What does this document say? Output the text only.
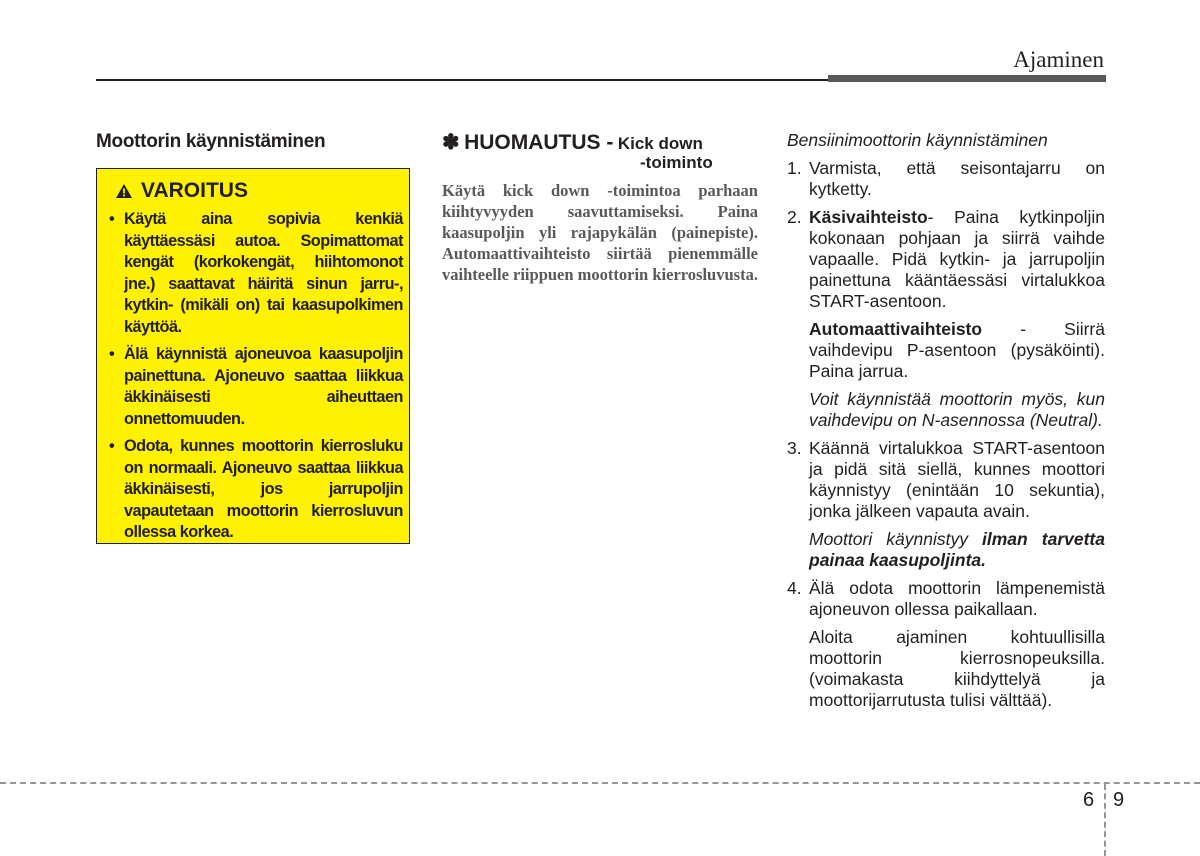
Ajaminen
Moottorin käynnistäminen
VAROITUS
• Käytä aina sopivia kenkiä käyttäessäsi autoa. Sopimattomat kengät (korkokengät, hiihtomonot jne.) saattavat häiritä sinun jarru-, kytkin- (mikäli on) tai kaasupolkimen käyttöä.
• Älä käynnistä ajoneuvoa kaasupoljin painettuna. Ajoneuvo saattaa liikkua äkkinäisesti aiheuttaen onnettomuuden.
• Odota, kunnes moottorin kierrosluku on normaali. Ajoneuvo saattaa liikkua äkkinäisesti, jos jarrupoljin vapautetaan moottorin kierrosluvun ollessa korkea.
✽ HUOMAUTUS - Kick down
-toiminto

Käytä kick down -toimintoa parhaan kiihtyvyyden saavuttamiseksi. Paina kaasupoljin yli rajapykälän (painepiste). Automaattivaihteisto siirtää pienemmälle vaihteelle riippuen moottorin kierrosluvusta.

Bensiinimoottorin käynnistäminen

1. Varmista, että seisontajarru on kytketty.

2. Käsivaihteisto- Paina kytkinpoljin kokonaan pohjaan ja siirrä vaihde vapaalle. Pidä kytkin- ja jarrupoljin painettuna kääntäessäsi virtalukkoa START-asentoon.

Automaattivaihteisto - Siirrä vaihdevipu P-asentoon (pysäköinti). Paina jarrua.

Voit käynnistää moottorin myös, kun vaihdevipu on N-asennossa (Neutral).

3. Käännä virtalukkoa START-asentoon ja pidä sitä siellä, kunnes moottori käynnistyy (enintään 10 sekuntia), jonka jälkeen vapauta avain.

Moottori käynnistyy ilman tarvetta painaa kaasupoljinta.

4. Älä odota moottorin lämpenemistä ajoneuvon ollessa paikallaan.

Aloita ajaminen kohtuullisilla moottorin kierrosnopeuksilla. (voimakasta kiihdyttelyä ja moottorijarrutusta tulisi välttää).

6 9
